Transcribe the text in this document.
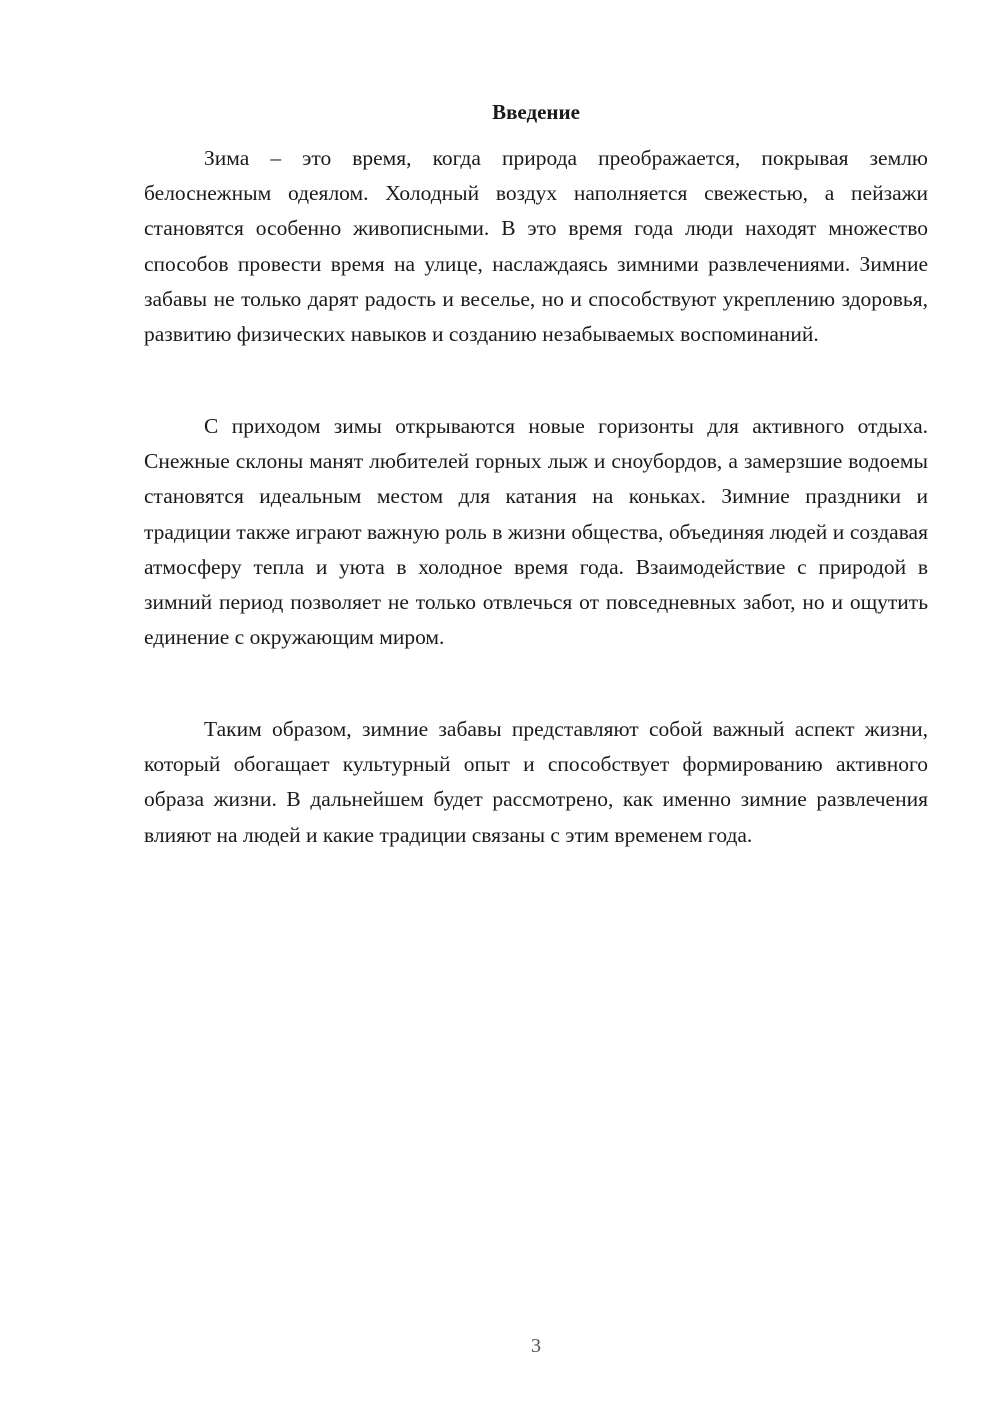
Введение

Зима – это время, когда природа преображается, покрывая землю белоснежным одеялом. Холодный воздух наполняется свежестью, а пейзажи становятся особенно живописными. В это время года люди находят множество способов провести время на улице, наслаждаясь зимними развлечениями. Зимние забавы не только дарят радость и веселье, но и способствуют укреплению здоровья, развитию физических навыков и созданию незабываемых воспоминаний.

С приходом зимы открываются новые горизонты для активного отдыха. Снежные склоны манят любителей горных лыж и сноубордов, а замерзшие водоемы становятся идеальным местом для катания на коньках. Зимние праздники и традиции также играют важную роль в жизни общества, объединяя людей и создавая атмосферу тепла и уюта в холодное время года. Взаимодействие с природой в зимний период позволяет не только отвлечься от повседневных забот, но и ощутить единение с окружающим миром.

Таким образом, зимние забавы представляют собой важный аспект жизни, который обогащает культурный опыт и способствует формированию активного образа жизни. В дальнейшем будет рассмотрено, как именно зимние развлечения влияют на людей и какие традиции связаны с этим временем года.

3
